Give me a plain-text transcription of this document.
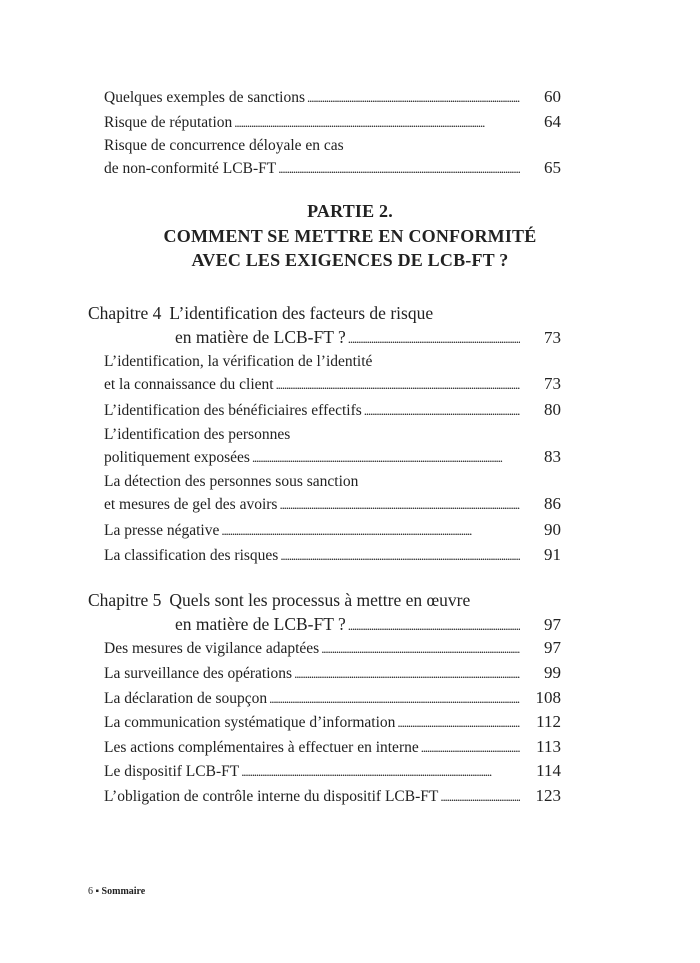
Quelques exemples de sanctions . . .	60
Risque de réputation . . .	64
Risque de concurrence déloyale en cas
de non-conformité LCB-FT . . .	65
Chapitre 4 L’identification des facteurs de risque
en matière de LCB-FT ? . . .	73
L’identification, la vérification de l’identité
et la connaissance du client . . .	73
L’identification des bénéficiaires effectifs . . .	80
L’identification des personnes
politiquement exposées . . .	83
La détection des personnes sous sanction
et mesures de gel des avoirs . . .	86
La presse négative . . .	90
La classification des risques . . .	91
Chapitre 5 Quels sont les processus à mettre en œuvre
en matière de LCB-FT ? . . .	97
Des mesures de vigilance adaptées . . .	97
La surveillance des opérations . . .	99
La déclaration de soupçon . . .	108
La communication systématique d’information . . .	112
Les actions complémentaires à effectuer en interne . . .	113
Le dispositif LCB-FT . . .	114
L’obligation de contrôle interne du dispositif LCB-FT . . .	123
PARTIE 2.
COMMENT SE METTRE EN CONFORMITÉ
AVEC LES EXIGENCES DE LCB-FT ?
6 ▪ Sommaire
